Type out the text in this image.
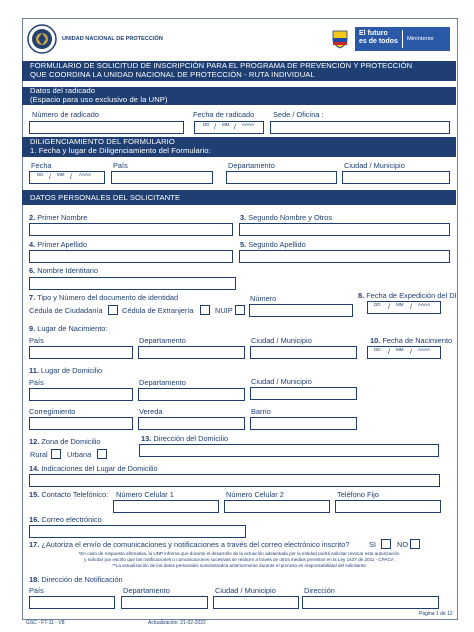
UNIDAD NACIONAL DE PROTECCIÓN
El futuro
es de todos Mininterior
FORMULARIO DE SOLICITUD DE INSCRIPCIÓN PARA EL PROGRAMA DE PREVENCIÓN Y PROTECCIÓN
QUE COORDINA LA UNIDAD NACIONAL DE PROTECCIÓN - RUTA INDIVIDUAL
Datos del radicado
(Espacio para uso exclusivo de la UNP)
Número de radicado	Fecha de radicado
DD	MM	AAAA
/	/
Sede / Oficina :
DILIGENCIAMIENTO DEL FORMULARIO
1. Fecha y lugar de Diligenciamiento del Formulario:
Fecha
DD	MM	AAAA
/	/
País	Departamento	Ciudad / Municipio
DATOS PERSONALES DEL SOLICITANTE
2. Primer Nombre	3. Segundo Nombre y Otros
4. Primer Apellido	5. Segundo Apellido
6. Nombre Identitario
7. Tipo y Número del documento de identidad	Número	8. Fecha de Expedición del DI
DD	MM	AAAA
/	/
Cédula de Ciudadanía	Cédula de Extranjería	NUIP
9. Lugar de Nacimiento:
País	Departamento	Ciudad / Municipio	10. Fecha de Nacimiento
DD	MM	AAAA
/	/
11. Lugar de Domicilio
País	Departamento	Ciudad / Municipio
Corregimiento	Vereda	Barrio
12. Zona de Domicilio
Rural	Urbana
13. Dirección del Domicilio
14. Indicaciones del Lugar de Domicilio
15. Contacto Telefónico: Número Celular 1	Número Celular 2	Teléfono Fijo
16. Correo electrónico
17. ¿Autoriza el envío de comunicaciones y notificaciones a través del correo electrónico inscrito?	SI	NO
*En caso de respuesta afirmativa, la UNP informa que durante el desarrollo de la actuación adelantada por la entidad podrá solicitar revocar esta autorización
y solicitar por escrito que las notificaciones o comunicaciones sucesivas se realicen a través de otros medios previstos en la Ley 1437 de 2011 - CPACA
**La actualización de los datos personales suministrados anteriormente durante el proceso es responsabilidad del solicitante
18. Dirección de Notificación
País	Departamento	Ciudad / Municipio	Dirección
Página 1 de 12
GSC - FT-11 - V8	Actualización: 21-02-2022
